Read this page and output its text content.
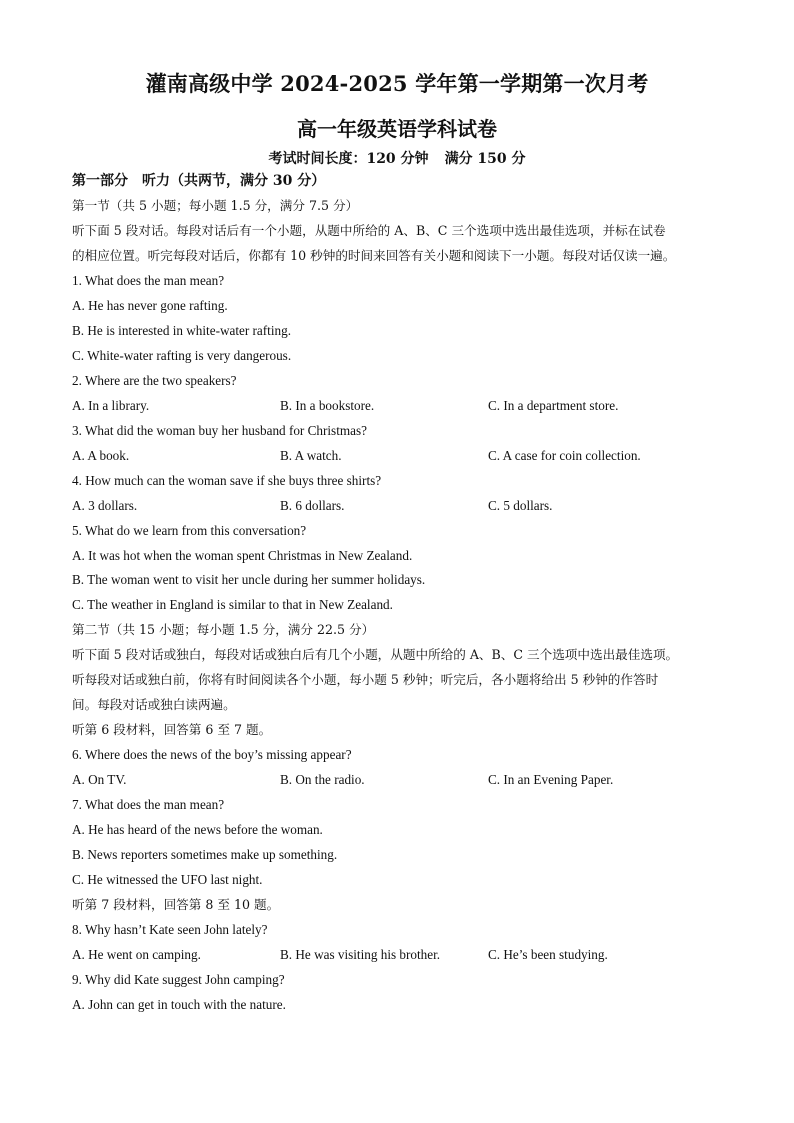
灌南高级中学 2024-2025 学年第一学期第一次月考
高一年级英语学科试卷
考试时间长度：120 分钟 满分 150 分
第一部分　听力（共两节，满分 30 分）
第一节（共 5 小题；每小题 1.5 分，满分 7.5 分）
听下面 5 段对话。每段对话后有一个小题，从题中所给的 A、B、C 三个选项中选出最佳选项，并标在试卷
的相应位置。听完每段对话后，你都有 10 秒钟的时间来回答有关小题和阅读下一小题。每段对话仅读一遍。
1. What does the man mean?
A. He has never gone rafting.
B. He is interested in white-water rafting.
C. White-water rafting is very dangerous.
2. Where are the two speakers?
A. In a library.	B. In a bookstore.	C. In a department store.
3. What did the woman buy her husband for Christmas?
A. A book.	B. A watch.	C. A case for coin collection.
4. How much can the woman save if she buys three shirts?
A. 3 dollars.	B. 6 dollars.	C. 5 dollars.
5. What do we learn from this conversation?
A. It was hot when the woman spent Christmas in New Zealand.
B. The woman went to visit her uncle during her summer holidays.
C. The weather in England is similar to that in New Zealand.
第二节（共 15 小题；每小题 1.5 分，满分 22.5 分）
听下面 5 段对话或独白，每段对话或独白后有几个小题，从题中所给的 A、B、C 三个选项中选出最佳选项。
听每段对话或独白前，你将有时间阅读各个小题，每小题 5 秒钟；听完后，各小题将给出 5 秒钟的作答时
间。每段对话或独白读两遍。
听第 6 段材料，回答第 6 至 7 题。
6. Where does the news of the boy’s missing appear?
A. On TV.	B. On the radio.	C. In an Evening Paper.
7. What does the man mean?
A. He has heard of the news before the woman.
B. News reporters sometimes make up something.
C. He witnessed the UFO last night.
听第 7 段材料，回答第 8 至 10 题。
8. Why hasn’t Kate seen John lately?
A. He went on camping.	B. He was visiting his brother.	C. He’s been studying.
9. Why did Kate suggest John camping?
A. John can get in touch with the nature.
